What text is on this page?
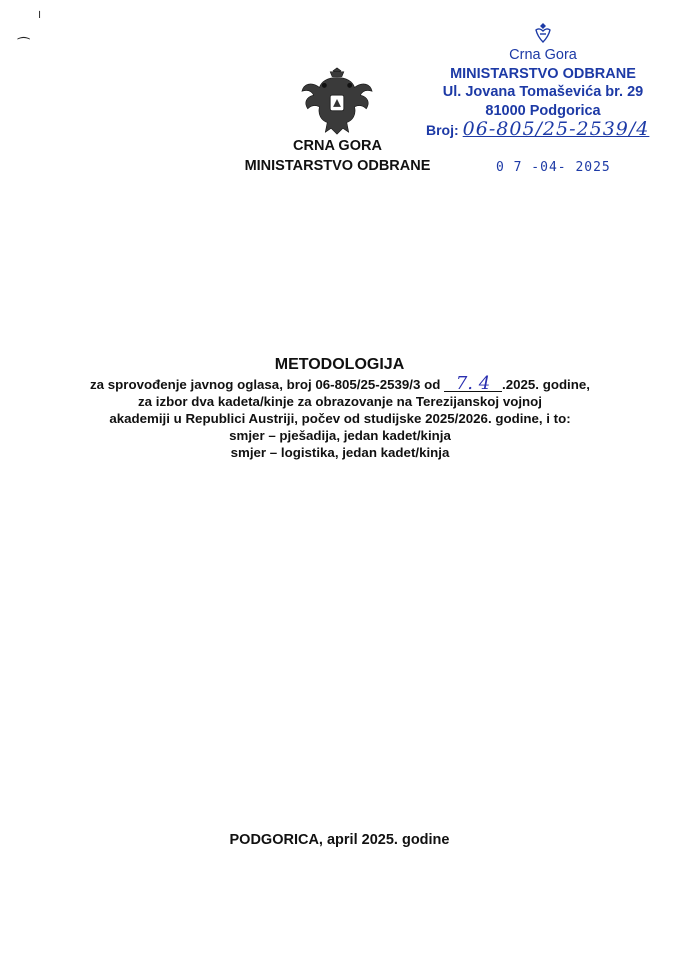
╷
⁀
CRNA GORA
MINISTARSTVO ODBRANE
Crna Gora
MINISTARSTVO ODBRANE
Ul. Jovana Tomaševića br. 29
81000 Podgorica
Broj: 06-805/25-2539/4
0 7 -04- 2025
METODOLOGIJA
za sprovođenje javnog oglasa, broj 06-805/25-2539/3 od 7. 4 .2025. godine,
za izbor dva kadeta/kinje za obrazovanje na Terezijanskoj vojnoj
akademiji u Republici Austriji, počev od studijske 2025/2026. godine, i to:
smjer – pješadija, jedan kadet/kinja
smjer – logistika, jedan kadet/kinja
PODGORICA, april 2025. godine
